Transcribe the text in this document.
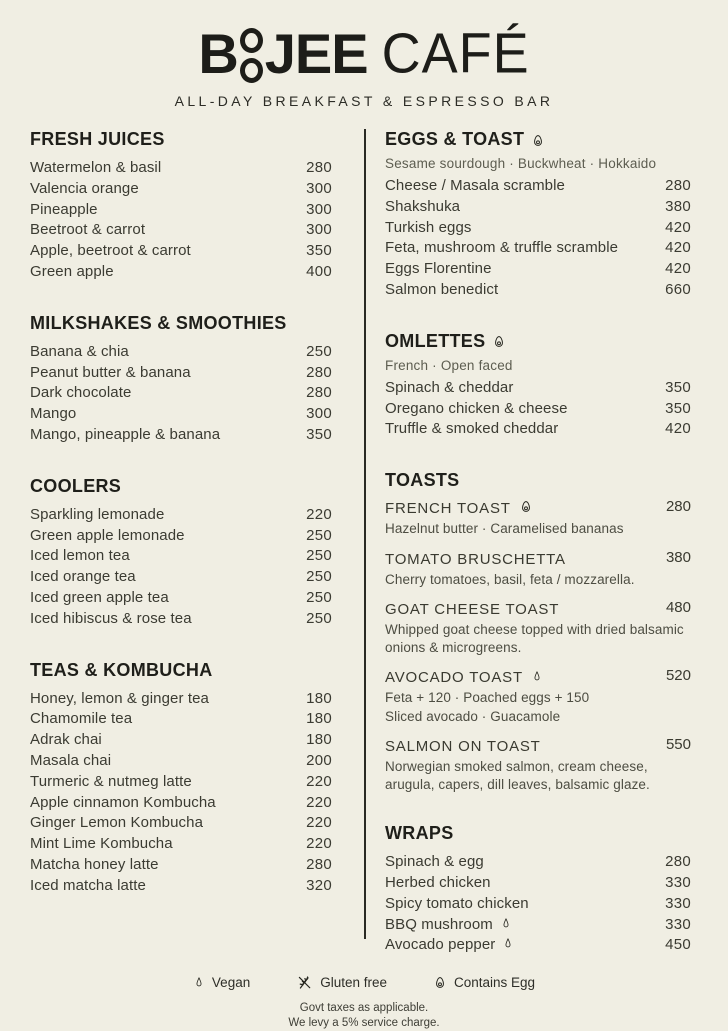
B JEE CAFÉ
ALL-DAY BREAKFAST & ESPRESSO BAR
FRESH JUICES
Watermelon & basil	280
Valencia orange	300
Pineapple	300
Beetroot & carrot	300
Apple, beetroot & carrot	350
Green apple	400
MILKSHAKES & SMOOTHIES
Banana & chia	250
Peanut butter & banana	280
Dark chocolate	280
Mango	300
Mango, pineapple & banana	350
COOLERS
Sparkling lemonade	220
Green apple lemonade	250
Iced lemon tea	250
Iced orange tea	250
Iced green apple tea	250
Iced hibiscus & rose tea	250
TEAS & KOMBUCHA
Honey, lemon & ginger tea	180
Chamomile tea	180
Adrak chai	180
Masala chai	200
Turmeric & nutmeg latte	220
Apple cinnamon Kombucha	220
Ginger Lemon Kombucha	220
Mint Lime Kombucha	220
Matcha honey latte	280
Iced matcha latte	320
EGGS & TOAST
Sesame sourdough · Buckwheat · Hokkaido
Cheese / Masala scramble	280
Shakshuka	380
Turkish eggs	420
Feta, mushroom & truffle scramble	420
Eggs Florentine	420
Salmon benedict	660
OMLETTES
French · Open faced
Spinach & cheddar	350
Oregano chicken & cheese	350
Truffle & smoked cheddar	420
TOASTS
FRENCH TOAST	280
Hazelnut butter · Caramelised bananas
TOMATO BRUSCHETTA	380
Cherry tomatoes, basil, feta / mozzarella.
GOAT CHEESE TOAST	480
Whipped goat cheese topped with dried balsamic onions & microgreens.
AVOCADO TOAST	520
Feta + 120 · Poached eggs + 150
Sliced avocado · Guacamole
SALMON ON TOAST	550
Norwegian smoked salmon, cream cheese, arugula, capers, dill leaves, balsamic glaze.
WRAPS
Spinach & egg	280
Herbed chicken	330
Spicy tomato chicken	330
BBQ mushroom	330
Avocado pepper	450
Vegan	Gluten free	Contains Egg
Govt taxes as applicable.
We levy a 5% service charge.
